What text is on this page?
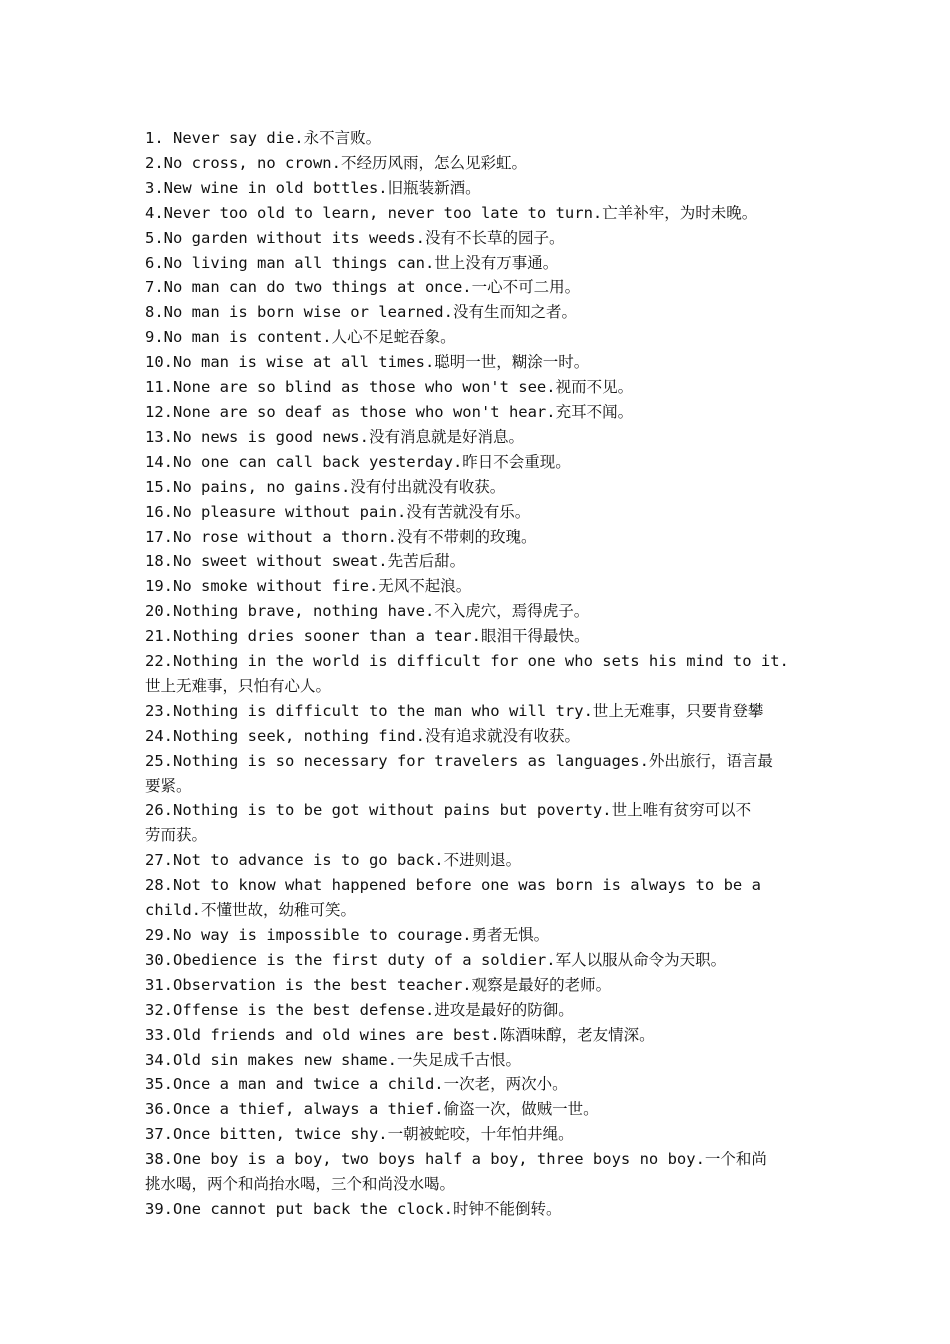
1. Never say die.永不言败。

2.No cross, no crown.不经历风雨，怎么见彩虹。

3.New wine in old bottles.旧瓶装新酒。

4.Never too old to learn, never too late to turn.亡羊补牢，为时未晚。

5.No garden without its weeds.没有不长草的园子。

6.No living man all things can.世上没有万事通。

7.No man can do two things at once.一心不可二用。

8.No man is born wise or learned.没有生而知之者。

9.No man is content.人心不足蛇吞象。

10.No man is wise at all times.聪明一世，糊涂一时。

11.None are so blind as those who won't see.视而不见。

12.None are so deaf as those who won't hear.充耳不闻。

13.No news is good news.没有消息就是好消息。

14.No one can call back yesterday.昨日不会重现。

15.No pains, no gains.没有付出就没有收获。

16.No pleasure without pain.没有苦就没有乐。

17.No rose without a thorn.没有不带刺的玫瑰。

18.No sweet without sweat.先苦后甜。

19.No smoke without fire.无风不起浪。

20.Nothing brave, nothing have.不入虎穴，焉得虎子。

21.Nothing dries sooner than a tear.眼泪干得最快。

22.Nothing in the world is difficult for one who sets his mind to it.

世上无难事，只怕有心人。

23.Nothing is difficult to the man who will try.世上无难事，只要肯登攀

24.Nothing seek, nothing find.没有追求就没有收获。

25.Nothing is so necessary for travelers as languages.外出旅行，语言最

要紧。

26.Nothing is to be got without pains but poverty.世上唯有贫穷可以不

劳而获。

27.Not to advance is to go back.不进则退。

28.Not to know what happened before one was born is always to be a

child.不懂世故，幼稚可笑。

29.No way is impossible to courage.勇者无惧。

30.Obedience is the first duty of a soldier.军人以服从命令为天职。

31.Observation is the best teacher.观察是最好的老师。

32.Offense is the best defense.进攻是最好的防御。

33.Old friends and old wines are best.陈酒味醇，老友情深。

34.Old sin makes new shame.一失足成千古恨。

35.Once a man and twice a child.一次老，两次小。

36.Once a thief, always a thief.偷盗一次，做贼一世。

37.Once bitten, twice shy.一朝被蛇咬，十年怕井绳。

38.One boy is a boy, two boys half a boy, three boys no boy.一个和尚

挑水喝，两个和尚抬水喝，三个和尚没水喝。

39.One cannot put back the clock.时钟不能倒转。
